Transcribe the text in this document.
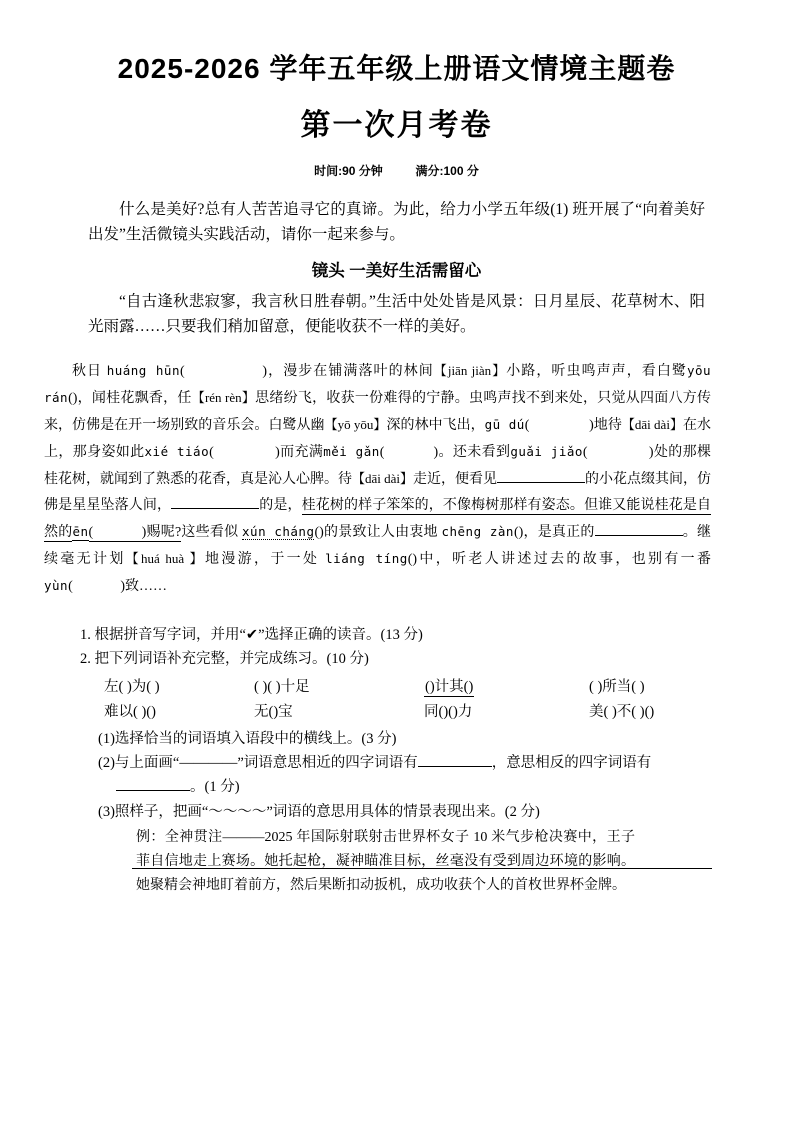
2025-2026 学年五年级上册语文情境主题卷
第一次月考卷
时间:90 分钟	满分:100 分

什么是美好?总有人苦苦追寻它的真谛。为此，给力小学五年级(1) 班开展了“向着美好出发”生活微镜头实践活动，请你一起来参与。

镜头 一美好生活需留心

“自古逢秋悲寂寥，我言秋日胜春朝。”生活中处处皆是风景：日月星辰、花草树木、阳光雨露……只要我们稍加留意，便能收获不一样的美好。

秋日 huáng hūn(	)，漫步在铺满落叶的林间【jiān jiàn】小路，听虫鸣声声，看白鹭yōu rán()，闻桂花飘香，任【rén rèn】思绪纷飞，收获一份难得的宁静。虫鸣声找不到来处，只觉从四面八方传来，仿佛是在开一场别致的音乐会。白鹭从幽【yō yōu】深的林中飞出，gū dú(	)地待【dāi dài】在水上，那身姿如此xié tiáo(	)而充满měi gǎn(	)。还未看到guǎi jiǎo(	)处的那棵桂花树，就闻到了熟悉的花香，真是沁人心脾。待【dāi dài】走近，便看见	的小花点缀其间，仿佛是星星坠落人间，	的是，桂花树的样子笨笨的，不像梅树那样有姿态。但谁又能说桂花是自然的ēn(	)赐呢?这些看似 xún cháng()的景致让人由衷地 chēng zàn()，是真正的	。继续毫无计划【huá huà 】地漫游，于一处 liáng tíng()中，听老人讲述过去的故事，也别有一番 yùn(	)致……

1. 根据拼音写字词，并用“✔”选择正确的读音。(13 分)

2. 把下列词语补充完整，并完成练习。(10 分)

左( )为( )	( )( )十足	()计其()	( )所当( )
难以( )()	无()宝	同()()力	美( )不( )()

(1)选择恰当的词语填入语段中的横线上。(3 分)

(2)与上面画“————”词语意思相近的四字词语有	，意思相反的四字词语有

。(1 分)

(3)照样子，把画“〜〜〜〜”词语的意思用具体的情景表现出来。(2 分)

例：全神贯注———2025 年国际射联射击世界杯女子 10 米气步枪决赛中，王子菲自信地走上赛场。她托起枪，凝神瞄准目标，丝毫没有受到周边环境的影响。她聚精会神地盯着前方，然后果断扣动扳机，成功收获个人的首枚世界杯金牌。
